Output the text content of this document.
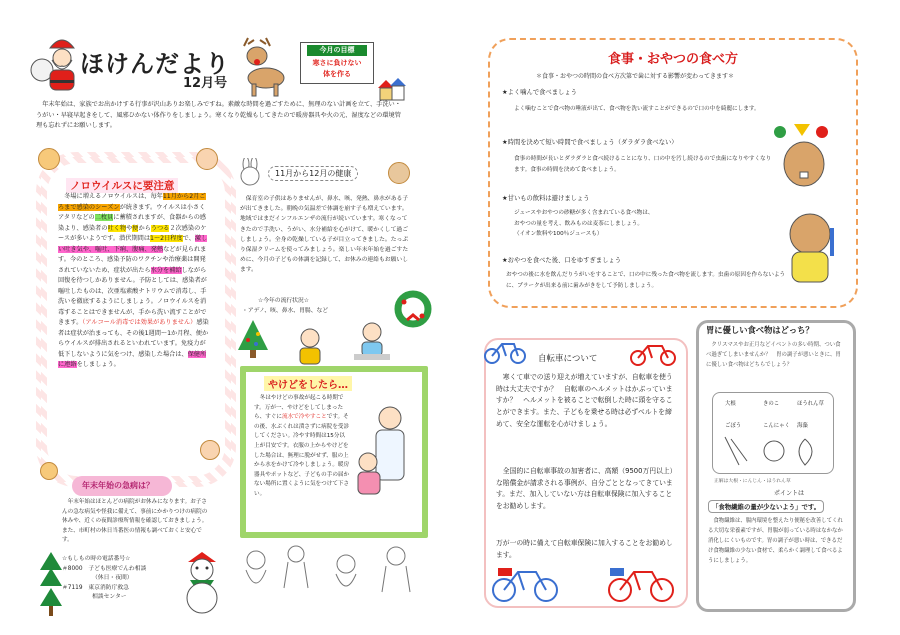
ほけんだより
12月号
今月の目標
寒さに負けない
体を作る
年末年始は、家族でお出かけする行事が沢山ありお楽しみですね。素敵な時間を過ごすために、無理のない計画を立て、手洗い・うがい・早寝早起きをして、風邪ひかない体作りをしましょう。寒くなり乾燥もしてきたので暖房器具や火の元、湿度などの環境管理も忘れずにお願いします。
ノロウイルスに要注意
冬場に増えるノロウイルスは、毎年11月から2月ごろまで感染のシーズンが続きます。ウイルスは小さくアタリなどの二枚貝に蓄積されますが、食器からの感染より、感染者の吐く物や便からうつる２次感染のケースが多いようです。潜伏期間は1～2日程度で、激しい吐き気や、嘔吐、下痢、腹痛、発熱などが見られます。今のところ、感染予防のワクチンや治療薬は開発されていないため、症状が出たら水分を補給しながら回復を待つしかありません。予防としては、感染者が嘔吐したものは、次亜塩素酸ナトリウムで消毒し、手洗いを徹底するようにしましょう。ノロウイルスを消毒することはできませんが、手から洗い流すことができます。（アルコール消毒では効果がありません）感染者は症状が治まっても、その後1週間～1か月程、便からウイルスが排出されるといわれています。免疫力が低下しないように気をつけ、感染した場合は、保健所に連絡をしましょう。
年末年始の急病は？
年末年始はほとんどの病院がお休みになります。お子さんの急な病気や怪我に備えて、事前にかかりつけの病院の休みや、近くの夜間診療所情報を確認しておきましょう。また、市町村の休日当番医の情報も調べておくと安心です。
☆もしもの時の電話番号☆
＃8000　子ども医療でんわ相談
（休日・夜間）
＃7119　東京消防庁救急
相談センター
11月から12月の健康
保育室の子供はありませんが、鼻水、咳、発熱、鼻水がある子が出てきました。朝晩の気温差で体調を崩す子も増えています。地域ではまだインフルエンザの流行が続いています。寒くなってきたので手洗い、うがい、水分補給を心がけて、暖かくして過ごしましょう。全身の乾燥している子が目立ってきました。たっぷり保湿クリームを使ってみましょう。楽しい年末年始を過ごすために、今月の子どもの体調を記録して、お休みの連絡もお願いします。
☆今年の流行状況☆
・アデノ、咳、鼻水、胃腸、など
やけどをしたら…
冬はやけどの事故が起こる時期です。万が一、やけどをしてしまったら、すぐに流水で冷やすことです。その後、水ぶくれは潰さずに病院を受診してください。冷やす時間は15分以上が目安です。衣服の上からやけどをした場合は、無理に脱がせず、服の上から水をかけて冷やしましょう。暖房器具やポットなど、子どもの手の届かない場所に置くように気をつけて下さい。
食事・おやつの食べ方
＊食事・おやつの時間の食べ方次第で歯に対する影響が変わってきます＊
★よく噛んで食べましょう
よく噛むことで食べ物の唾液が出て、食べ物を洗い流すことができるので口の中を綺麗にします。
★時間を決めて短い時間で食べましょう（ダラダラ食べない）
食事の時間が長いとダラダラと食べ続けることになり、口の中を汚し続けるので虫歯になりやすくなります。食事の時間を決めて食べましょう。
★甘いもの飲料は避けましょう
ジュースやおやつの砂糖が多く含まれている食べ物は、
おやつの量を考え、飲みものは麦茶にしましょう。
（イオン飲料や100％ジュースも）
★おやつを食べた後、口をゆすぎましょう
おやつの後に水を飲んだりうがいをすることで、口の中に残った食べ物を流します。虫歯の原因を作らないように、プラークが出来る前に歯みがきをして予防しましょう。
自転車について
寒くて車での送り迎えが増えていますが、自転車を使う時は大丈夫ですか？　自転車のヘルメットはかぶっていますか？　ヘルメットを被ることで転倒した時に頭を守ることができます。また、子どもを乗せる時は必ずベルトを締めて、安全な運転を心がけましょう。
全国的に自転車事故の加害者に、高額（9500万円以上）な賠償金が請求される事例が、自分ごととなってきています。まだ、加入していない方は自転車保険に加入することをお勧めします。
万が一の時に備えて自転車保険に加入することをお勧めします。
胃に優しい食べ物はどっち？
クリスマスやお正月などイベントの多い時期、つい食べ過ぎてしまいませんか？　胃の調子が悪いときに、胃に優しい食べ物はどちらでしょう？
大根	きのこ	ほうれん草
ごぼう	こんにゃく 海藻
正解は大根・にんじん・ほうれん草
ポイントは
「食物繊維の量が少ないよう」です。
食物繊維は、腸内環境を整えたり便秘を改善してくれる大切な栄養素ですが、胃腸が弱っている時はなかなか消化しにくいものです。胃の調子が悪い時は、できるだけ食物繊維の少ない食材で、柔らかく調理して食べるようにしましょう。
